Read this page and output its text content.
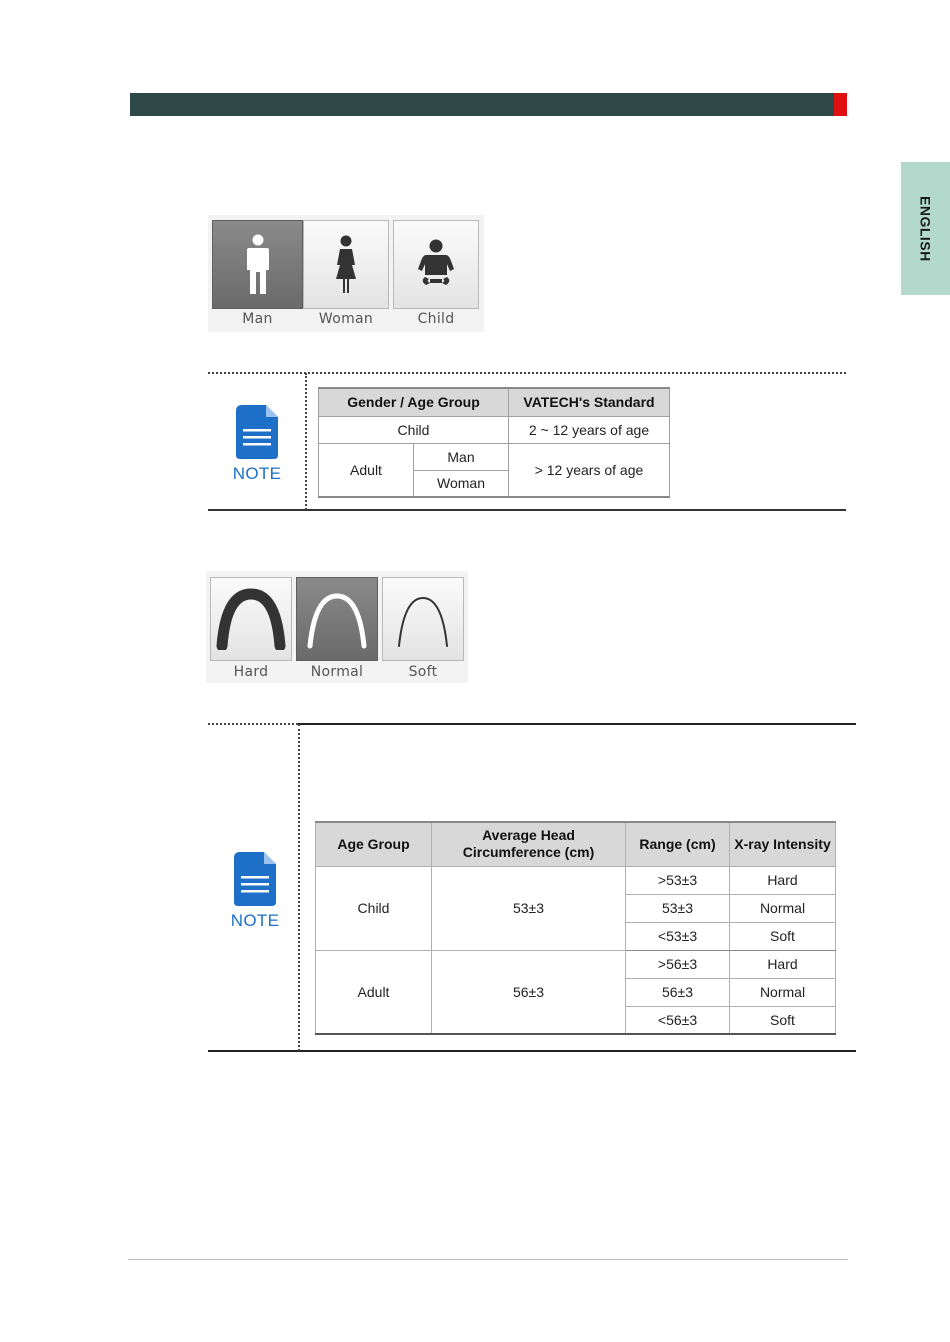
ENGLISH
Man	Woman	Child
NOTE
Gender / Age Group		VATECH's Standard
Child		2 ~ 12 years of age
Adult	Man	> 12 years of age
	Woman	
Hard	Normal	Soft
NOTE
Age Group	Average Head Circumference (cm)	Range (cm)	X-ray Intensity
Child	53±3	>53±3	Hard
		53±3	Normal
		<53±3	Soft
Adult	56±3	>56±3	Hard
		56±3	Normal
		<56±3	Soft
